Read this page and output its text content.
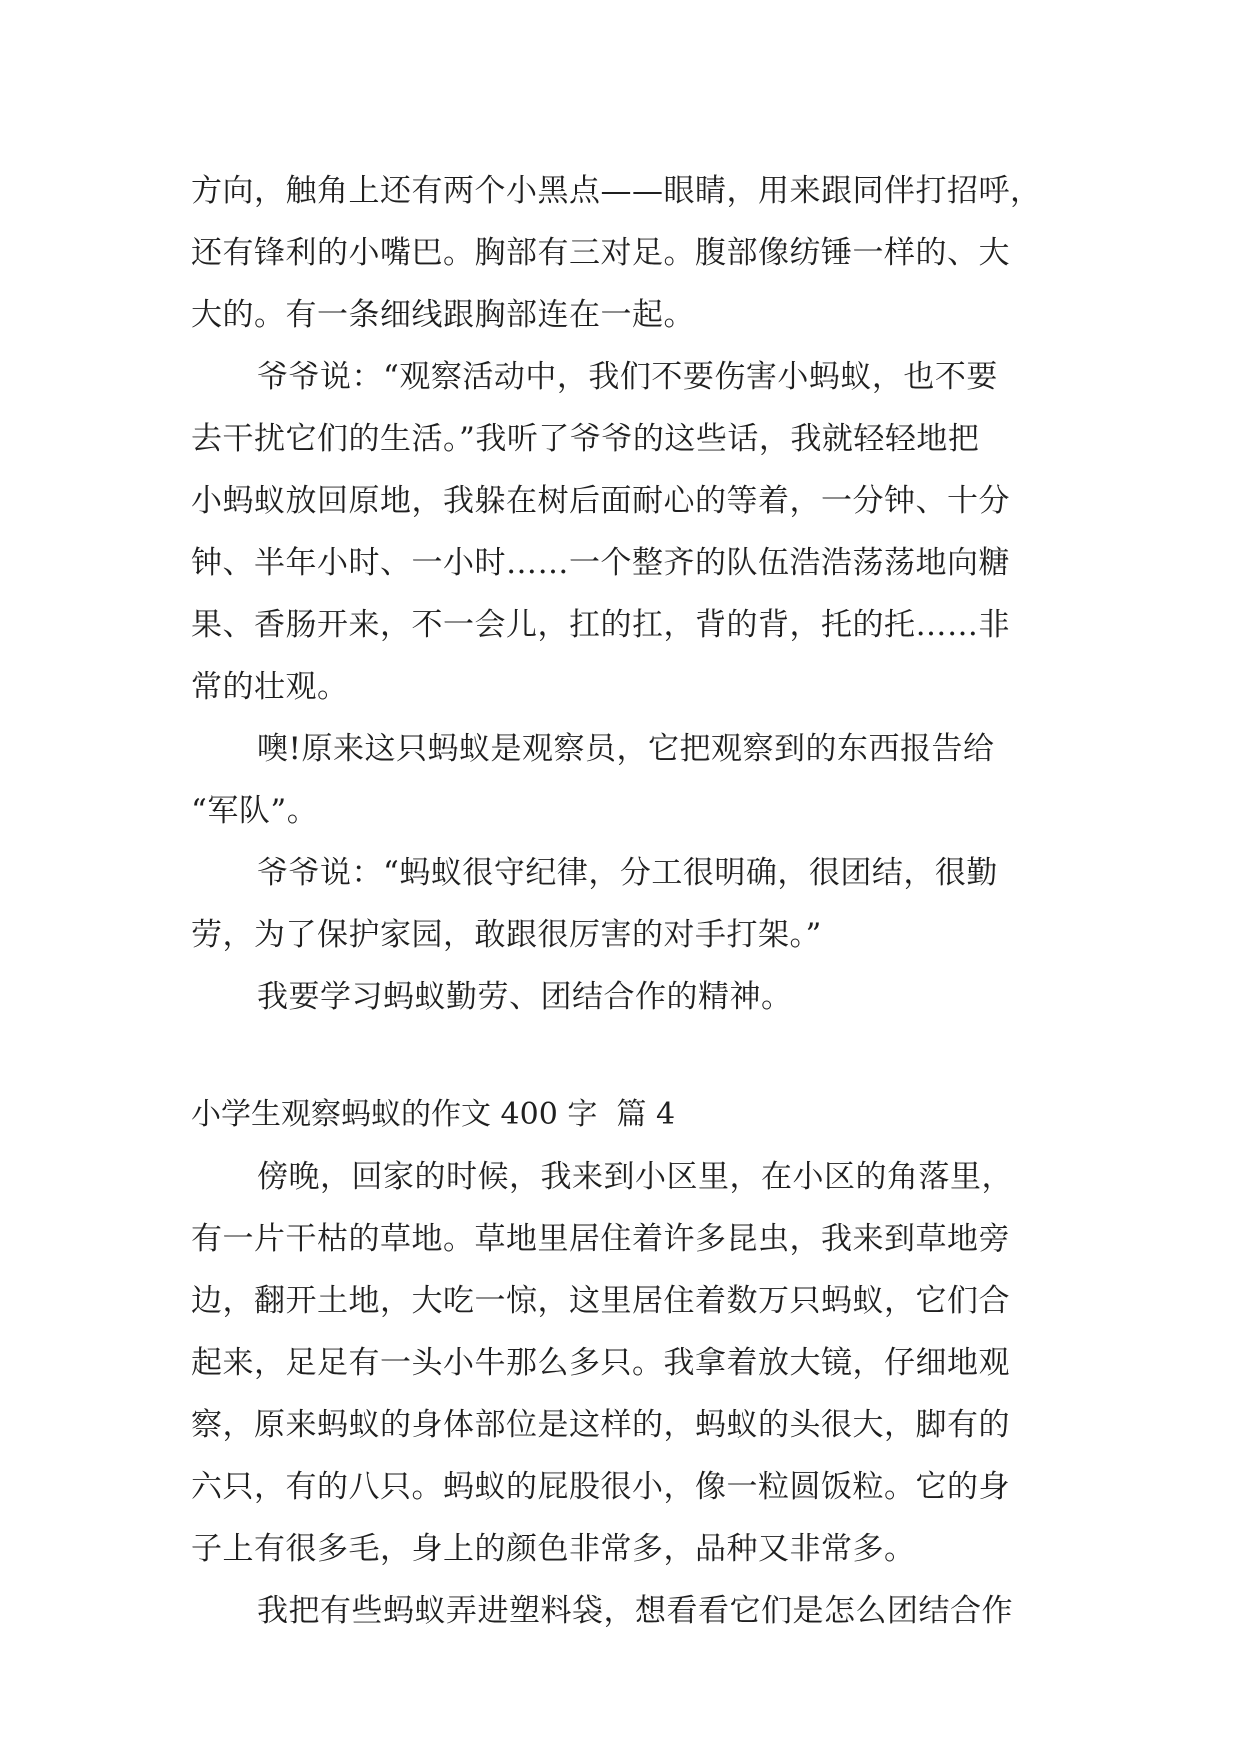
方向，触角上还有两个小黑点——眼睛，用来跟同伴打招呼，
还有锋利的小嘴巴。胸部有三对足。腹部像纺锤一样的、大
大的。有一条细线跟胸部连在一起。
爷爷说：“观察活动中，我们不要伤害小蚂蚁，也不要
去干扰它们的生活。”我听了爷爷的这些话，我就轻轻地把
小蚂蚁放回原地，我躲在树后面耐心的等着，一分钟、十分
钟、半年小时、一小时……一个整齐的队伍浩浩荡荡地向糖
果、香肠开来，不一会儿，扛的扛，背的背，托的托……非
常的壮观。
噢!原来这只蚂蚁是观察员，它把观察到的东西报告给
“军队”。
爷爷说：“蚂蚁很守纪律，分工很明确，很团结，很勤
劳，为了保护家园，敢跟很厉害的对手打架。”
我要学习蚂蚁勤劳、团结合作的精神。
小学生观察蚂蚁的作文 400 字  篇 4
傍晚，回家的时候，我来到小区里，在小区的角落里，
有一片干枯的草地。草地里居住着许多昆虫，我来到草地旁
边，翻开土地，大吃一惊，这里居住着数万只蚂蚁，它们合
起来，足足有一头小牛那么多只。我拿着放大镜，仔细地观
察，原来蚂蚁的身体部位是这样的，蚂蚁的头很大，脚有的
六只，有的八只。蚂蚁的屁股很小，像一粒圆饭粒。它的身
子上有很多毛，身上的颜色非常多，品种又非常多。
我把有些蚂蚁弄进塑料袋，想看看它们是怎么团结合作
